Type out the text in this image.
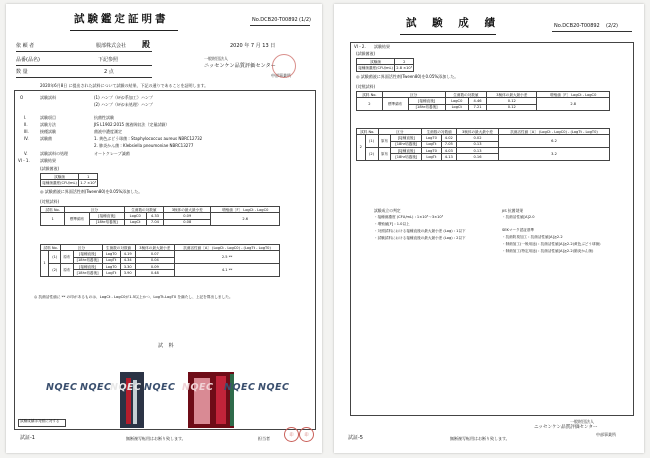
試験鑑定証明書	No.DCB20-T00892 (1/2)
依 頼 者	服部株式会社 殿	2020 年 7 月 13 日
品番(品名)	下記参照
数 量	2 点
一般財団法人
ニッセンケン品質評価センター
中部事業所
2020年6月8日 に提出された試料について試験の結果、下記の通りであることを証明します。
O	試験試料	(1) ハンプ（ｶﾁｵﾝ系加工）ハンプ
(2) ハンプ（ｶﾁｵﾝ未処理）ハンプ
I.	試験項目	抗菌性試験
II.	試験方法	JIS L1902:2015 菌液吸収法（定量試験）
III.	接種試験	菌液中濃度測定
IV.	試験菌	1. 黄色ぶどう球菌 : Staphylococcus aureus NBRC12732
2. 肺炎かん菌 : Klebsiella pneumoniae NBRC13277
V.	試験試料の処理	オートクレーブ滅菌
VI - 1.	試験結果
(試験菌液)
試験菌	1
接種菌濃度(CFU/mL)	1.7 ×10⁵
◎ 試験菌液に界面活性剤(Tween80)を0.05%添加した。
(対照試料)
試料 No.	区分		生菌数の対数値		3検体の最大最小差	増殖値［F］ LogCt - LogC0
1	標準綿布	[接種直後]	LogC0	4.33	0.09	2.6
		[18hr培養後]	LogCt	7.04	0.08	
試料 No.		区分		生菌数の対数値		3検体の最大最小差	抗菌活性値［A］ (LogCt - LogC0) - (LogTt - LogT0)
1	(1)	原布	[接種直後]	LogT0	4.19	0.07	2.5 **
			[18hr培養後]	LogTt	4.34	0.04	
	(2)	原布	[接種直後]	LogT0	3.30	0.09	4.1 **
			[18hr培養後]	LogTt	3.90	0.48	
◎ 抗菌活性値に ** の印があるものは、LogCt - LogC0が1.5以上かつ、LogTt-LogT0 を満たし、上記を算出しました。
試 料
NQEC NQEC
NQEC NQEC NQEC NQEC NQEC
試験成績は対照に対する
試証-1	無断複写転用はお断り致します。	担当者
印	印
試 験 成 績	No.DCB20-T00892 (2/2)
VI - 2. 試験結果
(試験菌液)
試験菌	2
接種菌濃度(CFU/mL)	2.8 ×10⁵
◎ 試験菌液に界面活性剤(Tween80)を0.05%添加した。
(対照試料)
試料 No.	区分		生菌数の対数値		3検体の最大最小差	増殖値［F］ LogCt - LogC0
2	標準綿布	[接種直後]	LogC0	4.46	0.12	2.8
		[18hr培養後]	LogCt	7.21	0.12	
試料 No.		区分		生菌数の対数値		3検体の最大最小差	抗菌活性値［A］ (LogCt - LogC0) - (LogTt - LogT0)
2	(1)	原布	[接種直後]	LogT0	4.02	0.02	6.2
			[18hr培養後]	LogTt	7.05	0.13	
	(2)	原布	[接種直後]	LogT0	4.03	0.13	3.2
			[18hr培養後]	LogTt	4.13	0.16	
試験成立の判定
・接種菌濃度 (CFU/mL) : 1×10⁵〜3×10⁵
・増殖値[F] : 1.0以上
・対照試料における接種直後の最大最小差 (Log) : 1以下
・試験試料における接種直後の最大最小差 (Log) : 2以下
JIS 抗菌効果
・抗菌活性値[A]2.0
SEKマーク認証基準
・抗菌防臭加工 : 抗菌活性値[A]≧2.2
・制菌加工(一般用途) : 抗菌活性値[A]≧2.2(黄色ぶどう球菌)
・制菌加工(特定用途) : 抗菌活性値[A]≧2.2(肺炎かん菌)
一般財団法人
ニッセンケン品質評価センター
中部事業所
試証-5	無断複写転用はお断り致します。
